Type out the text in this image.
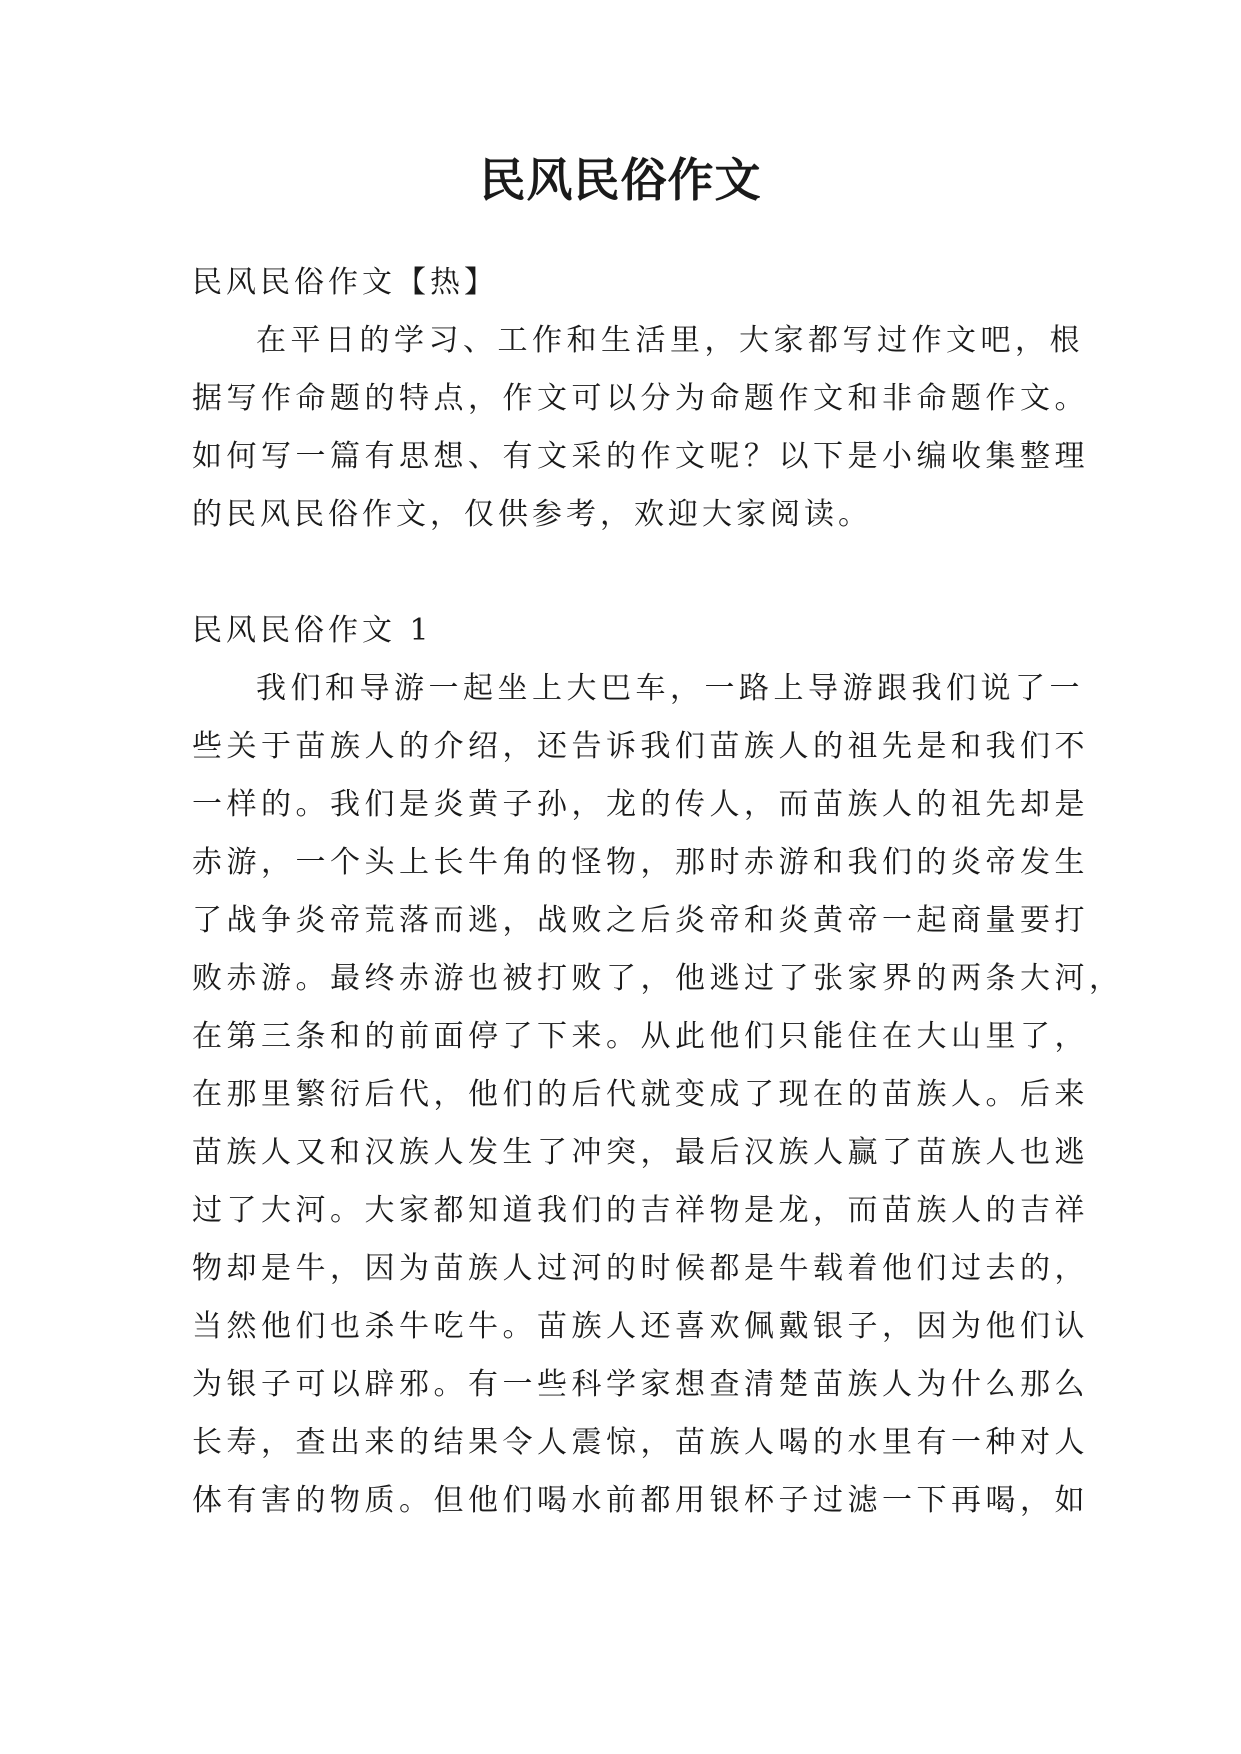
民风民俗作文
民风民俗作文【热】
在平日的学习、工作和生活里，大家都写过作文吧，根
据写作命题的特点，作文可以分为命题作文和非命题作文。
如何写一篇有思想、有文采的作文呢？以下是小编收集整理
的民风民俗作文，仅供参考，欢迎大家阅读。
民风民俗作文 1
我们和导游一起坐上大巴车，一路上导游跟我们说了一
些关于苗族人的介绍，还告诉我们苗族人的祖先是和我们不
一样的。我们是炎黄子孙，龙的传人，而苗族人的祖先却是
赤游，一个头上长牛角的怪物，那时赤游和我们的炎帝发生
了战争炎帝荒落而逃，战败之后炎帝和炎黄帝一起商量要打
败赤游。最终赤游也被打败了，他逃过了张家界的两条大河，
在第三条和的前面停了下来。从此他们只能住在大山里了，
在那里繁衍后代，他们的后代就变成了现在的苗族人。后来
苗族人又和汉族人发生了冲突，最后汉族人赢了苗族人也逃
过了大河。大家都知道我们的吉祥物是龙，而苗族人的吉祥
物却是牛，因为苗族人过河的时候都是牛载着他们过去的，
当然他们也杀牛吃牛。苗族人还喜欢佩戴银子，因为他们认
为银子可以辟邪。有一些科学家想查清楚苗族人为什么那么
长寿，查出来的结果令人震惊，苗族人喝的水里有一种对人
体有害的物质。但他们喝水前都用银杯子过滤一下再喝，如
